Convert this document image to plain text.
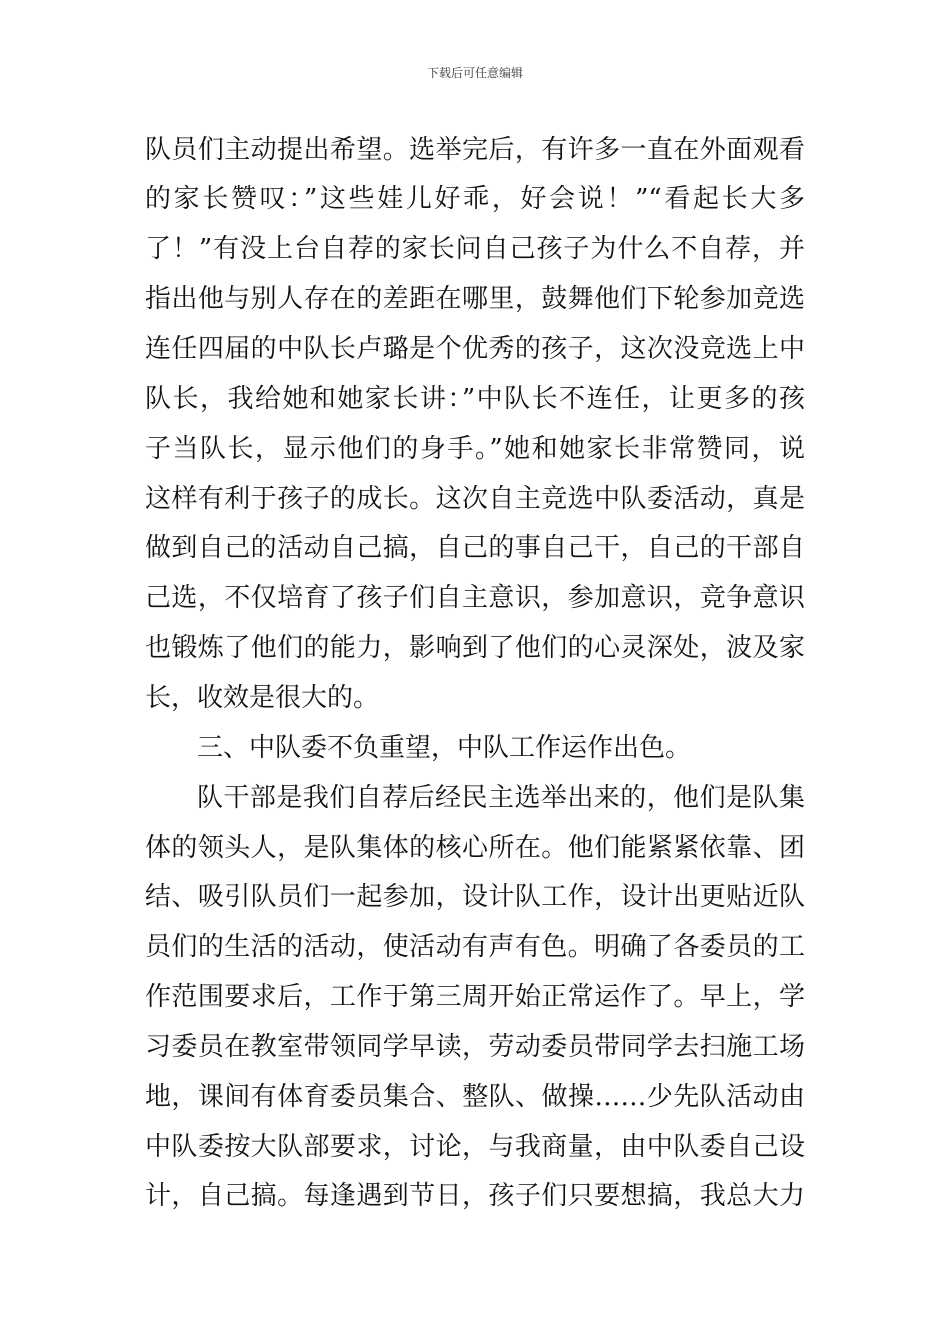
下载后可任意编辑
队员们主动提出希望。选举完后，有许多一直在外面观看
的家长赞叹：”这些娃儿好乖，好会说！”“看起长大多
了！”有没上台自荐的家长问自己孩子为什么不自荐，并
指出他与别人存在的差距在哪里，鼓舞他们下轮参加竞选
连任四届的中队长卢璐是个优秀的孩子，这次没竞选上中
队长，我给她和她家长讲：”中队长不连任，让更多的孩
子当队长，显示他们的身手。”她和她家长非常赞同，说
这样有利于孩子的成长。这次自主竞选中队委活动，真是
做到自己的活动自己搞，自己的事自己干，自己的干部自
己选，不仅培育了孩子们自主意识，参加意识，竞争意识
也锻炼了他们的能力，影响到了他们的心灵深处，波及家
长，收效是很大的。
三、中队委不负重望，中队工作运作出色。
队干部是我们自荐后经民主选举出来的，他们是队集
体的领头人，是队集体的核心所在。他们能紧紧依靠、团
结、吸引队员们一起参加，设计队工作，设计出更贴近队
员们的生活的活动，使活动有声有色。明确了各委员的工
作范围要求后，工作于第三周开始正常运作了。早上，学
习委员在教室带领同学早读，劳动委员带同学去扫施工场
地，课间有体育委员集合、整队、做操……少先队活动由
中队委按大队部要求，讨论，与我商量，由中队委自己设
计，自己搞。每逢遇到节日，孩子们只要想搞，我总大力
